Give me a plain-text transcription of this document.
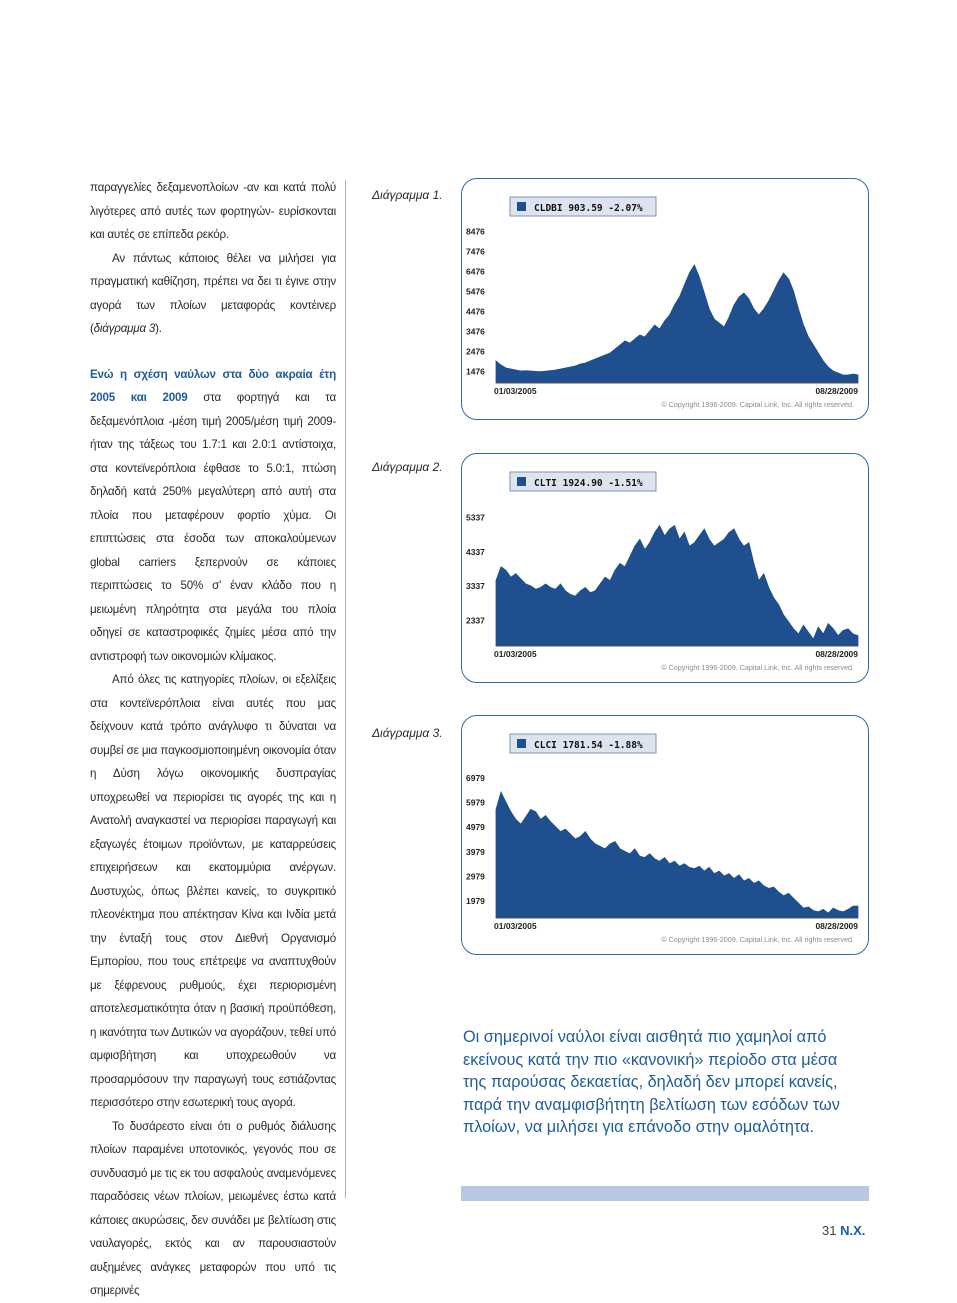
παραγγελίες δεξαμενοπλοίων -αν και κατά πολύ λιγότερες από αυτές των φορτηγών- ευρίσκονται και αυτές σε επίπεδα ρεκόρ.

Αν πάντως κάποιος θέλει να μιλήσει για πραγματική καθίζηση, πρέπει να δει τι έγινε στην αγορά των πλοίων μεταφοράς κοντέινερ (διάγραμμα 3).

Ενώ η σχέση ναύλων στα δύο ακραία έτη 2005 και 2009 στα φορτηγά και τα δεξαμενόπλοια -μέση τιμή 2005/μέση τιμή 2009- ήταν της τάξεως του 1.7:1 και 2.0:1 αντίστοιχα, στα κοντεϊνερόπλοια έφθασε το 5.0:1, πτώση δηλαδή κατά 250% μεγαλύτερη από αυτή στα πλοία που μεταφέρουν φορτίο χύμα. Οι επιπτώσεις στα έσοδα των αποκαλούμενων global carriers ξεπερνούν σε κάποιες περιπτώσεις το 50% σ' έναν κλάδο που η μειωμένη πληρότητα στα μεγάλα του πλοία οδηγεί σε καταστροφικές ζημίες μέσα από την αντιστροφή των οικονομιών κλίμακος.

Από όλες τις κατηγορίες πλοίων, οι εξελίξεις στα κοντεϊνερόπλοια είναι αυτές που μας δείχνουν κατά τρόπο ανάγλυφο τι δύναται να συμβεί σε μια παγκοσμιοποιημένη οικονομία όταν η Δύση λόγω οικονομικής δυσπραγίας υποχρεωθεί να περιορίσει τις αγορές της και η Ανατολή αναγκαστεί να περιορίσει παραγωγή και εξαγωγές έτοιμων προϊόντων, με καταρρεύσεις επιχειρήσεων και εκατομμύρια ανέργων. Δυστυχώς, όπως βλέπει κανείς, το συγκριτικό πλεονέκτημα που απέκτησαν Κίνα και Ινδία μετά την ένταξή τους στον Διεθνή Οργανισμό Εμπορίου, που τους επέτρεψε να αναπτυχθούν με ξέφρενους ρυθμούς, έχει περιορισμένη αποτελεσματικότητα όταν η βασική προϋπόθεση, η ικανότητα των Δυτικών να αγοράζουν, τεθεί υπό αμφισβήτηση και υποχρεωθούν να προσαρμόσουν την παραγωγή τους εστιάζοντας περισσότερο στην εσωτερική τους αγορά.

Το δυσάρεστο είναι ότι ο ρυθμός διάλυσης πλοίων παραμένει υποτονικός, γεγονός που σε συνδυασμό με τις εκ του ασφαλούς αναμενόμενες παραδόσεις νέων πλοίων, μειωμένες έστω κατά κάποιες ακυρώσεις, δεν συνάδει με βελτίωση στις ναυλαγορές, εκτός και αν παρουσιαστούν αυξημένες ανάγκες μεταφορών που υπό τις σημερινές

Διάγραμμα 1.
Διάγραμμα 2.
Διάγραμμα 3.
CLDBI 903.59 -2.07%
8476
7476
6476
5476
4476
3476
2476
1476
01/03/2005	08/28/2009
© Copyright 1996-2009. Capital Link, Inc. All rights reserved.
CLTI 1924.90 -1.51%
5337
4337
3337
2337
01/03/2005	08/28/2009
© Copyright 1996-2009. Capital Link, Inc. All rights reserved.
CLCI 1781.54 -1.88%
6979
5979
4979
3979
2979
1979
01/03/2005	08/28/2009
© Copyright 1996-2009. Capital Link, Inc. All rights reserved.
Οι σημερινοί ναύλοι είναι αισθητά πιο χαμηλοί από εκείνους κατά την πιο «κανονική» περίοδο στα μέσα της παρούσας δεκαετίας, δηλαδή δεν μπορεί κανείς, παρά την αναμφισβήτητη βελτίωση των εσόδων των πλοίων, να μιλήσει για επάνοδο στην ομαλότητα.
31 Ν.Χ.
